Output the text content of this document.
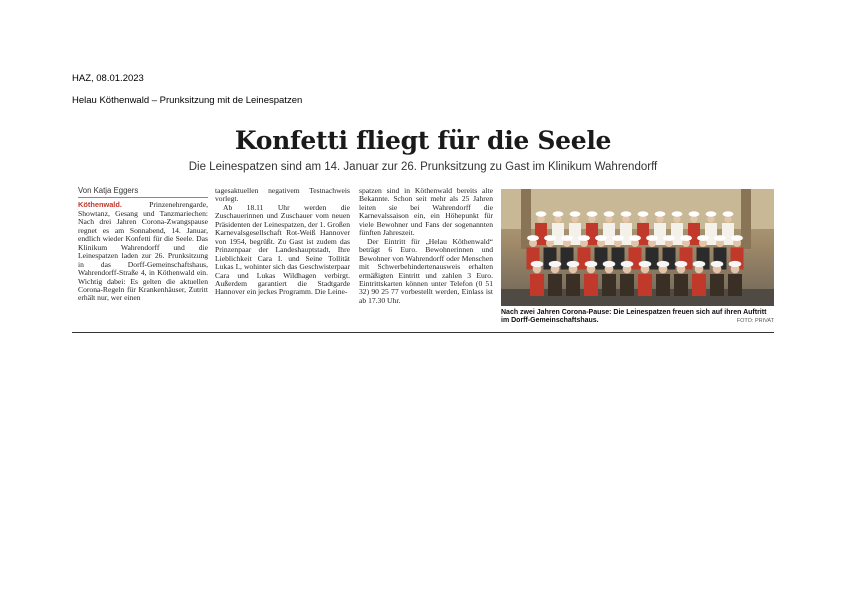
HAZ, 08.01.2023
Helau Köthenwald – Prunksitzung mit de Leinespatzen
Konfetti fliegt für die Seele
Die Leinespatzen sind am 14. Januar zur 26. Prunksitzung zu Gast im Klinikum Wahrendorff
Von Katja Eggers

Köthenwald.	Prinzenehrengarde, Showtanz, Gesang und Tanzmariechen: Nach drei Jahren Corona-Zwangspause regnet es am Sonnabend, 14. Januar, endlich wieder Konfetti für die Seele. Das Klinikum Wahrendorff und die Leinespatzen laden zur 26. Prunksitzung in das Dorff-Gemeinschaftshaus, Wahrendorff-Straße 4, in Köthenwald ein. Wichtig dabei: Es gelten die aktuellen Corona-Regeln für Krankenhäuser, Zutritt erhält nur, wer einen

tagesaktuellen negativem Testnachweis vorlegt.

Ab 18.11 Uhr werden die Zuschauerinnen und Zuschauer vom neuen Präsidenten der Leinespatzen, der 1. Großen Karnevalsgesellschaft Rot-Weiß Hannover von 1954, begrüßt. Zu Gast ist zudem das Prinzenpaar der Landeshauptstadt, Ihre Lieblichkeit Cara I. und Seine Tollität Lukas I., wohinter sich das Geschwisterpaar Cara und Lukas Wildhagen verbirgt. Außerdem garantiert die Stadtgarde Hannover ein jeckes Programm. Die Leine-

spatzen sind in Köthenwald bereits alte Bekannte. Schon seit mehr als 25 Jahren leiten sie bei Wahrendorff die Karnevalssaison ein, ein Höhepunkt für viele Bewohner und Fans der sogenannten fünften Jahreszeit.

Der Eintritt für „Helau Köthenwald“ beträgt 6 Euro. Bewohnerinnen und Bewohner von Wahrendorff oder Menschen mit Schwerbehindertenausweis erhalten ermäßigten Eintritt und zahlen 3 Euro. Eintrittskarten können unter Telefon (0 51 32) 90 25 77 vorbestellt werden, Einlass ist ab 17.30 Uhr.

Nach zwei Jahren Corona-Pause: Die Leinespatzen freuen sich auf ihren Auftritt im Dorff-Gemeinschaftshaus.	FOTO: PRIVAT
